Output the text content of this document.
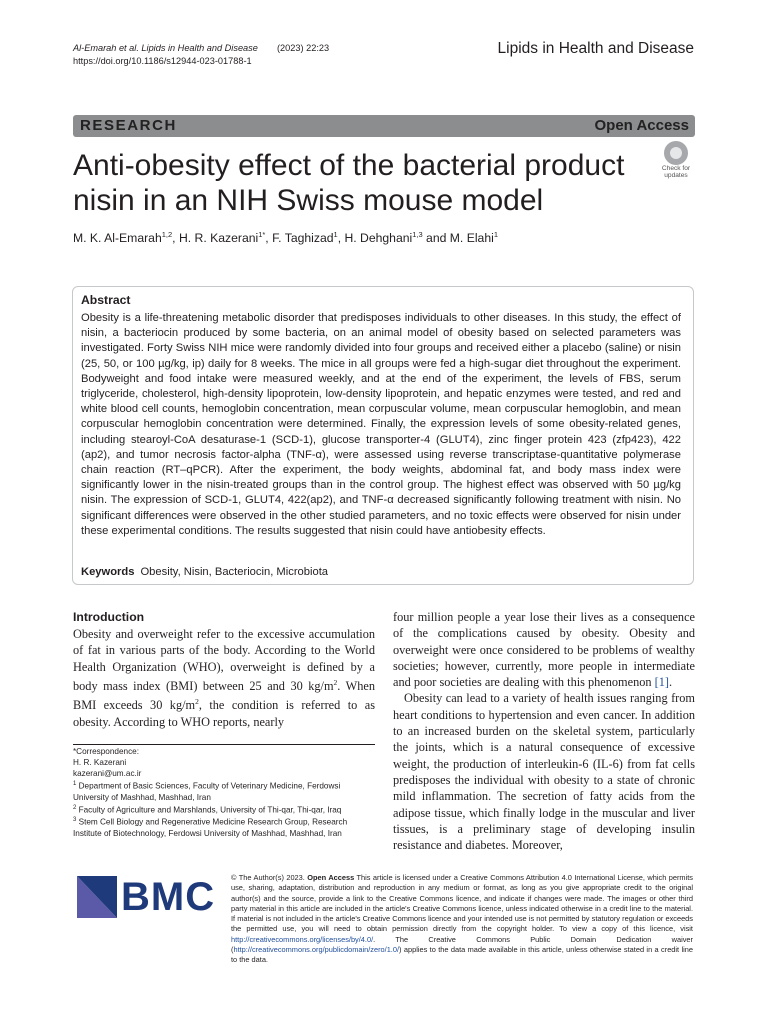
Al-Emarah et al. Lipids in Health and Disease (2023) 22:23
https://doi.org/10.1186/s12944-023-01788-1
Lipids in Health and Disease
RESEARCH	Open Access
Check for
updates
Anti-obesity effect of the bacterial product nisin in an NIH Swiss mouse model
M. K. Al-Emarah$^{1,2}$, H. R. Kazerani$^{1*}$, F. Taghizad$^1$, H. Dehghani$^{1,3}$ and M. Elahi$^1$
Abstract
Obesity is a life-threatening metabolic disorder that predisposes individuals to other diseases. In this study, the effect of nisin, a bacteriocin produced by some bacteria, on an animal model of obesity based on selected parameters was investigated. Forty Swiss NIH mice were randomly divided into four groups and received either a placebo (saline) or nisin (25, 50, or 100 µg/kg, ip) daily for 8 weeks. The mice in all groups were fed a high-sugar diet throughout the experiment. Bodyweight and food intake were measured weekly, and at the end of the experiment, the levels of FBS, serum triglyceride, cholesterol, high-density lipoprotein, low-density lipoprotein, and hepatic enzymes were tested, and red and white blood cell counts, hemoglobin concentration, mean corpuscular volume, mean corpuscular hemoglobin, and mean corpuscular hemoglobin concentration were determined. Finally, the expression levels of some obesity-related genes, including stearoyl-CoA desaturase-1 (SCD-1), glucose transporter-4 (GLUT4), zinc finger protein 423 (zfp423), 422 (ap2), and tumor necrosis factor-alpha (TNF-α), were assessed using reverse transcriptase-quantitative polymerase chain reaction (RT–qPCR). After the experiment, the body weights, abdominal fat, and body mass index were significantly lower in the nisin-treated groups than in the control group. The highest effect was observed with 50 µg/kg nisin. The expression of SCD-1, GLUT4, 422(ap2), and TNF-α decreased significantly following treatment with nisin. No significant differences were observed in the other studied parameters, and no toxic effects were observed for nisin under these experimental conditions. The results suggested that nisin could have antiobesity effects.
Keywords Obesity, Nisin, Bacteriocin, Microbiota
Introduction
Obesity and overweight refer to the excessive accumulation of fat in various parts of the body. According to the World Health Organization (WHO), overweight is defined by a body mass index (BMI) between 25 and 30 $kg/m^2$. When BMI exceeds 30 $kg/m^2$, the condition is referred to as obesity. According to WHO reports, nearly

four million people a year lose their lives as a consequence of the complications caused by obesity. Obesity and overweight were once considered to be problems of wealthy societies; however, currently, more people in intermediate and poor societies are dealing with this phenomenon [1].

Obesity can lead to a variety of health issues ranging from heart conditions to hypertension and even cancer. In addition to an increased burden on the skeletal system, particularly the joints, which is a natural consequence of excessive weight, the production of interleukin-6 (IL-6) from fat cells predisposes the individual with obesity to a state of chronic mild inflammation. The secretion of fatty acids from the adipose tissue, which finally lodge in the muscular and liver tissues, is a preliminary stage of developing insulin resistance and diabetes. Moreover,

*Correspondence:
H. R. Kazerani
kazerani@um.ac.ir
$^1$ Department of Basic Sciences, Faculty of Veterinary Medicine, Ferdowsi University of Mashhad, Mashhad, Iran
$^2$ Faculty of Agriculture and Marshlands, University of Thi-qar, Thi-qar, Iraq
$^3$ Stem Cell Biology and Regenerative Medicine Research Group, Research Institute of Biotechnology, Ferdowsi University of Mashhad, Mashhad, Iran
BMC © The Author(s) 2023. Open Access This article is licensed under a Creative Commons Attribution 4.0 International License, which permits use, sharing, adaptation, distribution and reproduction in any medium or format, as long as you give appropriate credit to the original author(s) and the source, provide a link to the Creative Commons licence, and indicate if changes were made. The images or other third party material in this article are included in the article's Creative Commons licence, unless indicated otherwise in a credit line to the material. If material is not included in the article's Creative Commons licence and your intended use is not permitted by statutory regulation or exceeds the permitted use, you will need to obtain permission directly from the copyright holder. To view a copy of this licence, visit http://creativecommons.org/licenses/by/4.0/. The Creative Commons Public Domain Dedication waiver (http://creativecommons.org/publicdomain/zero/1.0/) applies to the data made available in this article, unless otherwise stated in a credit line to the data.
